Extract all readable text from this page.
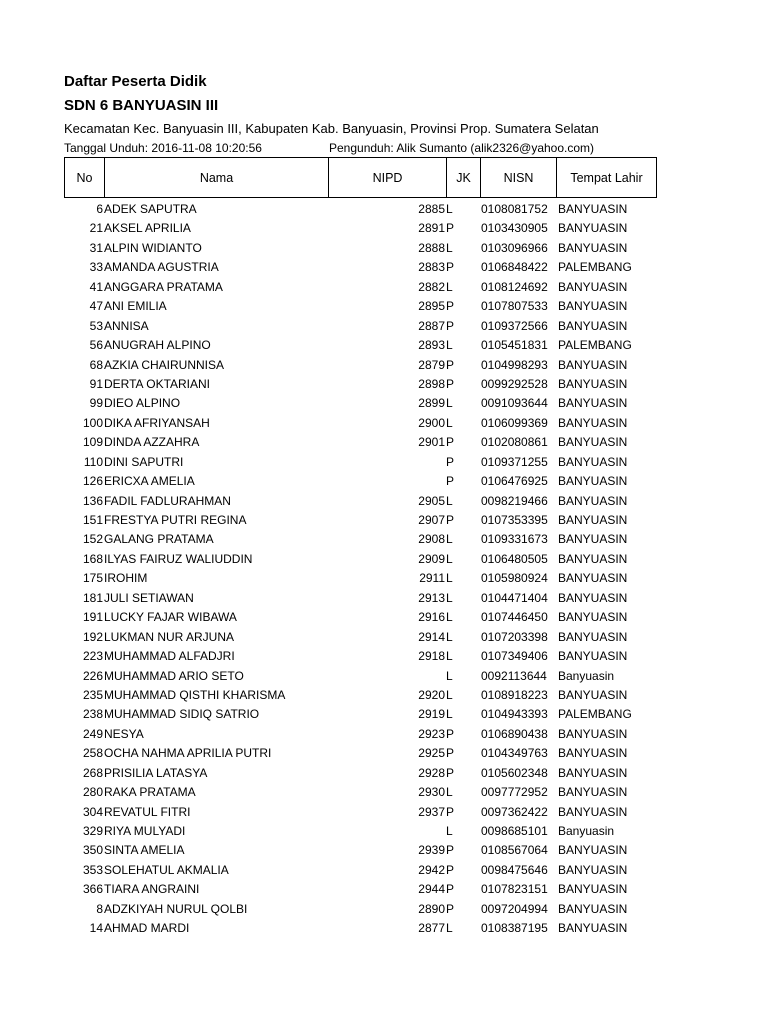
Daftar Peserta Didik
SDN 6 BANYUASIN III
Kecamatan Kec. Banyuasin III, Kabupaten Kab. Banyuasin, Provinsi Prop. Sumatera Selatan
Tanggal Unduh: 2016-11-08 10:20:56	Pengunduh: Alik Sumanto (alik2326@yahoo.com)
No	Nama	NIPD	JK	NISN	Tempat Lahir
6 ADEK SAPUTRA	2885 L 0108081752 BANYUASIN
21 AKSEL APRILIA	2891 P 0103430905 BANYUASIN
31 ALPIN WIDIANTO	2888 L 0103096966 BANYUASIN
33 AMANDA AGUSTRIA	2883 P 0106848422 PALEMBANG
41 ANGGARA PRATAMA	2882 L 0108124692 BANYUASIN
47 ANI EMILIA	2895 P 0107807533 BANYUASIN
53 ANNISA	2887 P 0109372566 BANYUASIN
56 ANUGRAH ALPINO	2893 L 0105451831 PALEMBANG
68 AZKIA CHAIRUNNISA	2879 P 0104998293 BANYUASIN
91 DERTA OKTARIANI	2898 P 0099292528 BANYUASIN
99 DIEO ALPINO	2899 L 0091093644 BANYUASIN
100 DIKA AFRIYANSAH	2900 L 0106099369 BANYUASIN
109 DINDA AZZAHRA	2901 P 0102080861 BANYUASIN
110 DINI SAPUTRI	P 0109371255 BANYUASIN
126 ERICXA AMELIA	P 0106476925 BANYUASIN
136 FADIL FADLURAHMAN	2905 L 0098219466 BANYUASIN
151 FRESTYA PUTRI REGINA	2907 P 0107353395 BANYUASIN
152 GALANG PRATAMA	2908 L 0109331673 BANYUASIN
168 ILYAS FAIRUZ WALIUDDIN	2909 L 0106480505 BANYUASIN
175 IROHIM	2911 L 0105980924 BANYUASIN
181 JULI SETIAWAN	2913 L 0104471404 BANYUASIN
191 LUCKY FAJAR WIBAWA	2916 L 0107446450 BANYUASIN
192 LUKMAN NUR ARJUNA	2914 L 0107203398 BANYUASIN
223 MUHAMMAD ALFADJRI	2918 L 0107349406 BANYUASIN
226 MUHAMMAD ARIO SETO	L 0092113644 Banyuasin
235 MUHAMMAD QISTHI KHARISMA	2920 L 0108918223 BANYUASIN
238 MUHAMMAD SIDIQ SATRIO	2919 L 0104943393 PALEMBANG
249 NESYA	2923 P 0106890438 BANYUASIN
258 OCHA NAHMA APRILIA PUTRI	2925 P 0104349763 BANYUASIN
268 PRISILIA LATASYA	2928 P 0105602348 BANYUASIN
280 RAKA PRATAMA	2930 L 0097772952 BANYUASIN
304 REVATUL FITRI	2937 P 0097362422 BANYUASIN
329 RIYA MULYADI	L 0098685101 Banyuasin
350 SINTA AMELIA	2939 P 0108567064 BANYUASIN
353 SOLEHATUL AKMALIA	2942 P 0098475646 BANYUASIN
366 TIARA ANGRAINI	2944 P 0107823151 BANYUASIN
8 ADZKIYAH NURUL QOLBI	2890 P 0097204994 BANYUASIN
14 AHMAD MARDI	2877 L 0108387195 BANYUASIN
